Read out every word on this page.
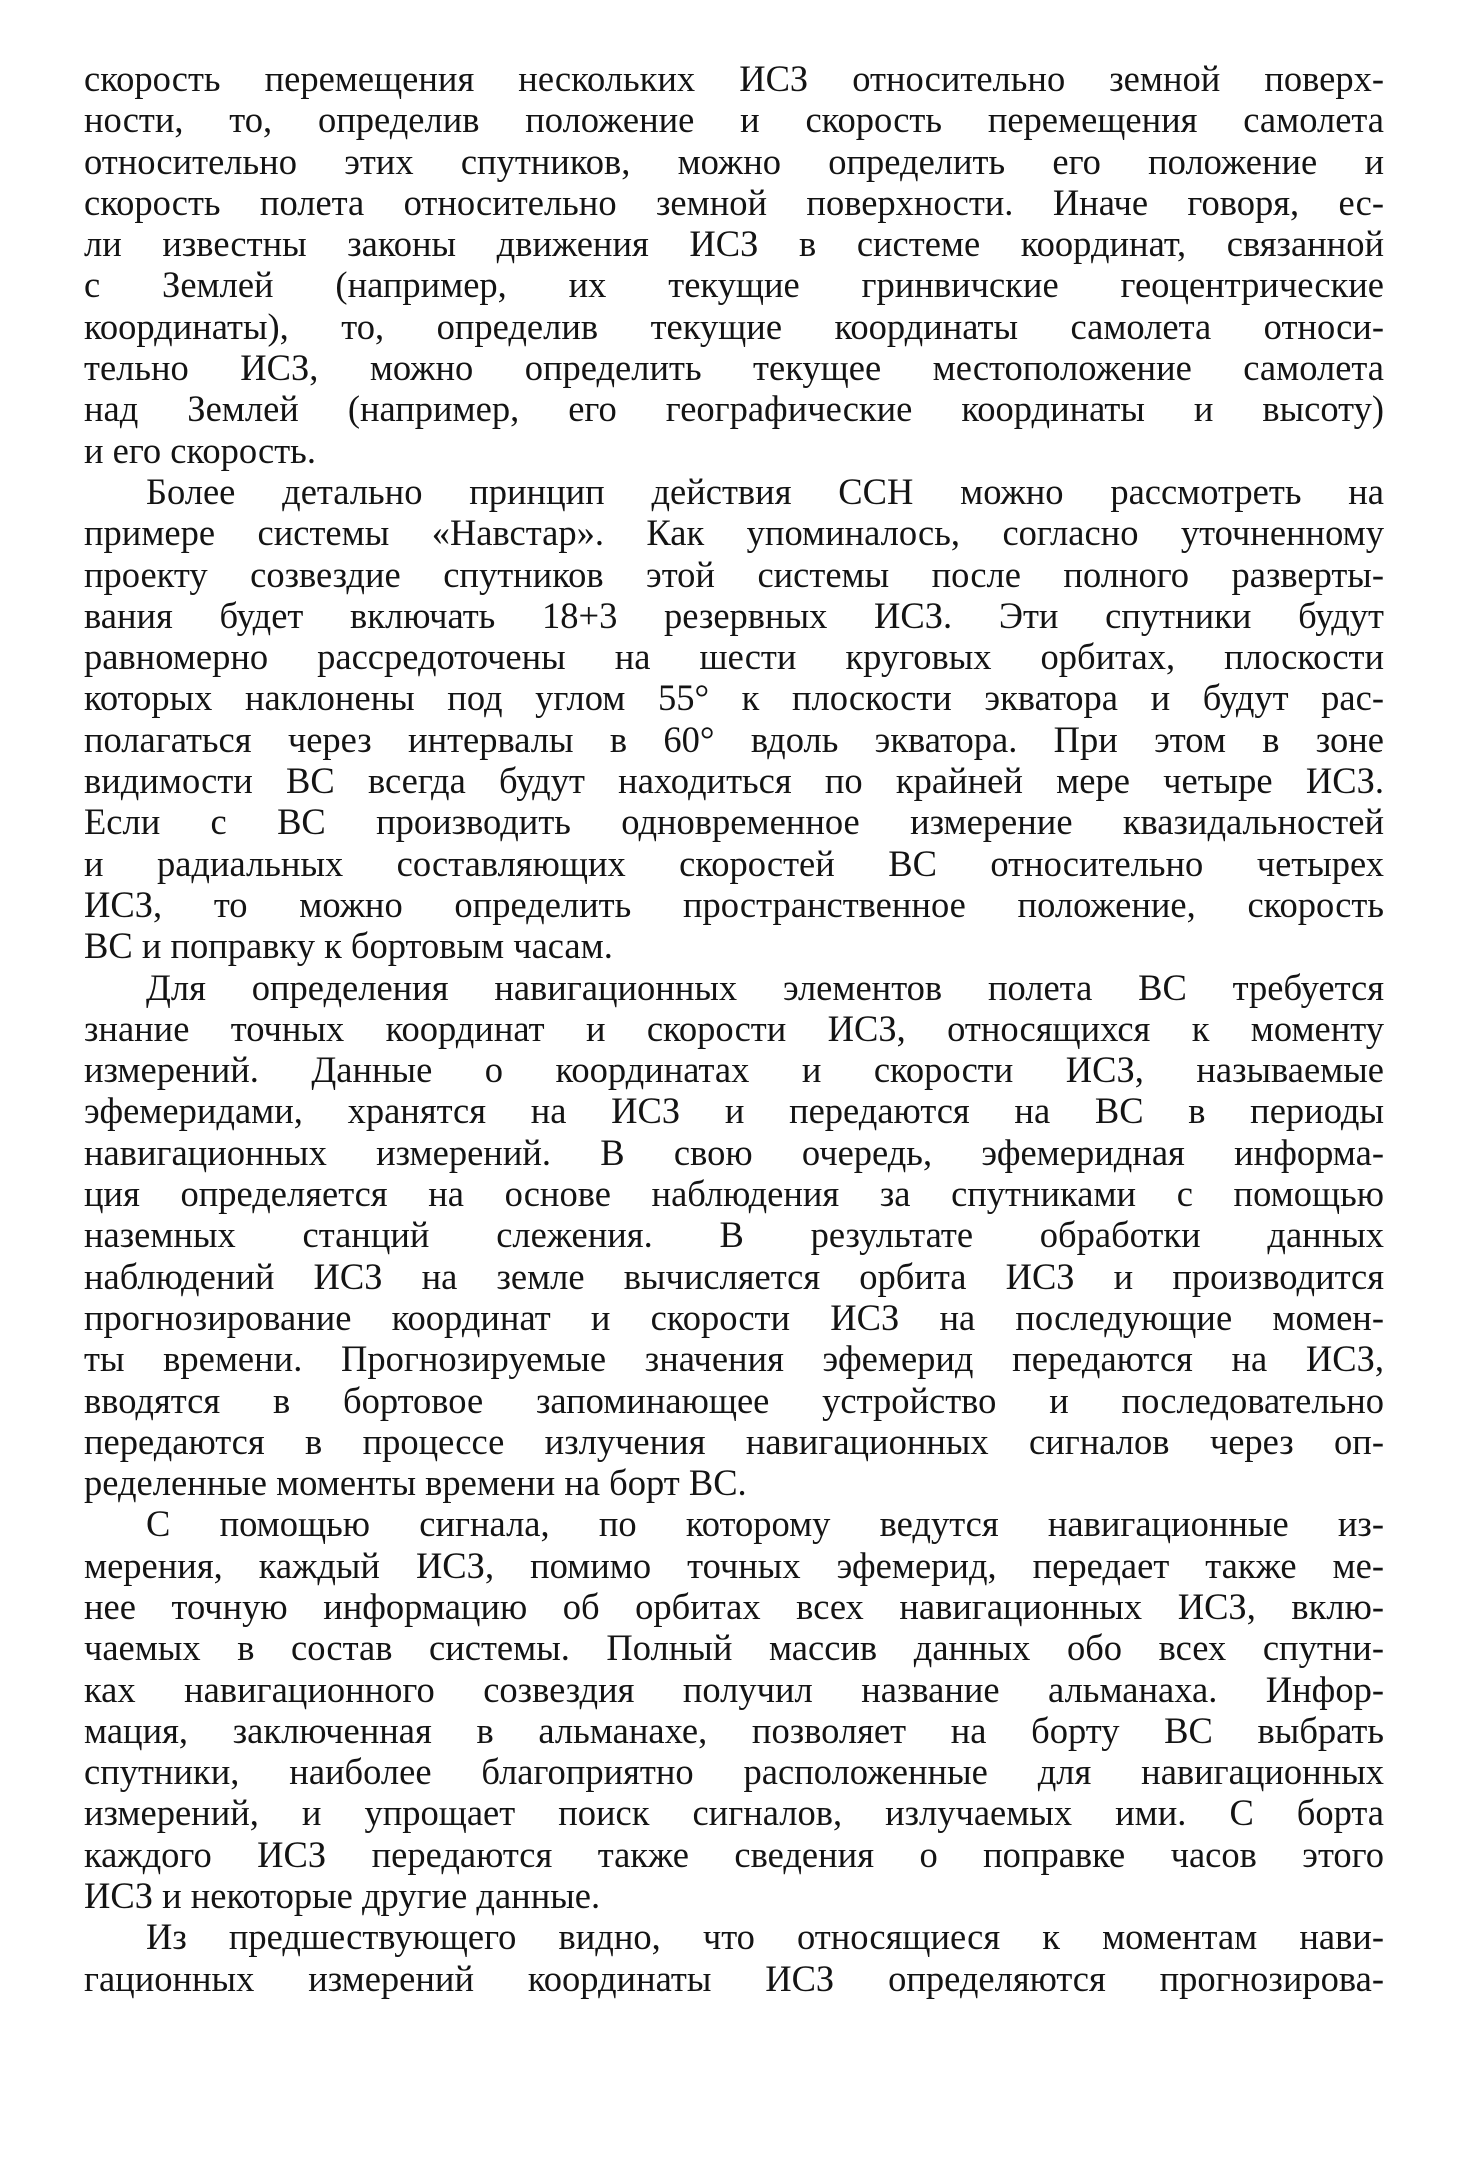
скорость перемещения нескольких ИСЗ относительно земной поверх-
ности, то, определив положение и скорость перемещения самолета
относительно этих спутников, можно определить его положение и
скорость полета относительно земной поверхности. Иначе говоря, ес-
ли известны законы движения ИСЗ в системе координат, связанной
с Землей (например, их текущие гринвичские геоцентрические
координаты), то, определив текущие координаты самолета относи-
тельно ИСЗ, можно определить текущее местоположение самолета
над Землей (например, его географические координаты и высоту)
и его скорость.
Более детально принцип действия ССН можно рассмотреть на
примере системы «Навстар». Как упоминалось, согласно уточненному
проекту созвездие спутников этой системы после полного разверты-
вания будет включать 18+3 резервных ИСЗ. Эти спутники будут
равномерно рассредоточены на шести круговых орбитах, плоскости
которых наклонены под углом 55° к плоскости экватора и будут рас-
полагаться через интервалы в 60° вдоль экватора. При этом в зоне
видимости ВС всегда будут находиться по крайней мере четыре ИСЗ.
Если с ВС производить одновременное измерение квазидальностей
и радиальных составляющих скоростей ВС относительно четырех
ИСЗ, то можно определить пространственное положение, скорость
ВС и поправку к бортовым часам.
Для определения навигационных элементов полета ВС требуется
знание точных координат и скорости ИСЗ, относящихся к моменту
измерений. Данные о координатах и скорости ИСЗ, называемые
эфемеридами, хранятся на ИСЗ и передаются на ВС в периоды
навигационных измерений. В свою очередь, эфемеридная информа-
ция определяется на основе наблюдения за спутниками с помощью
наземных станций слежения. В результате обработки данных
наблюдений ИСЗ на земле вычисляется орбита ИСЗ и производится
прогнозирование координат и скорости ИСЗ на последующие момен-
ты времени. Прогнозируемые значения эфемерид передаются на ИСЗ,
вводятся в бортовое запоминающее устройство и последовательно
передаются в процессе излучения навигационных сигналов через оп-
ределенные моменты времени на борт ВС.
С помощью сигнала, по которому ведутся навигационные из-
мерения, каждый ИСЗ, помимо точных эфемерид, передает также ме-
нее точную информацию об орбитах всех навигационных ИСЗ, вклю-
чаемых в состав системы. Полный массив данных обо всех спутни-
ках навигационного созвездия получил название альманаха. Инфор-
мация, заключенная в альманахе, позволяет на борту ВС выбрать
спутники, наиболее благоприятно расположенные для навигационных
измерений, и упрощает поиск сигналов, излучаемых ими. С борта
каждого ИСЗ передаются также сведения о поправке часов этого
ИСЗ и некоторые другие данные.
Из предшествующего видно, что относящиеся к моментам нави-
гационных измерений координаты ИСЗ определяются прогнозирова-
